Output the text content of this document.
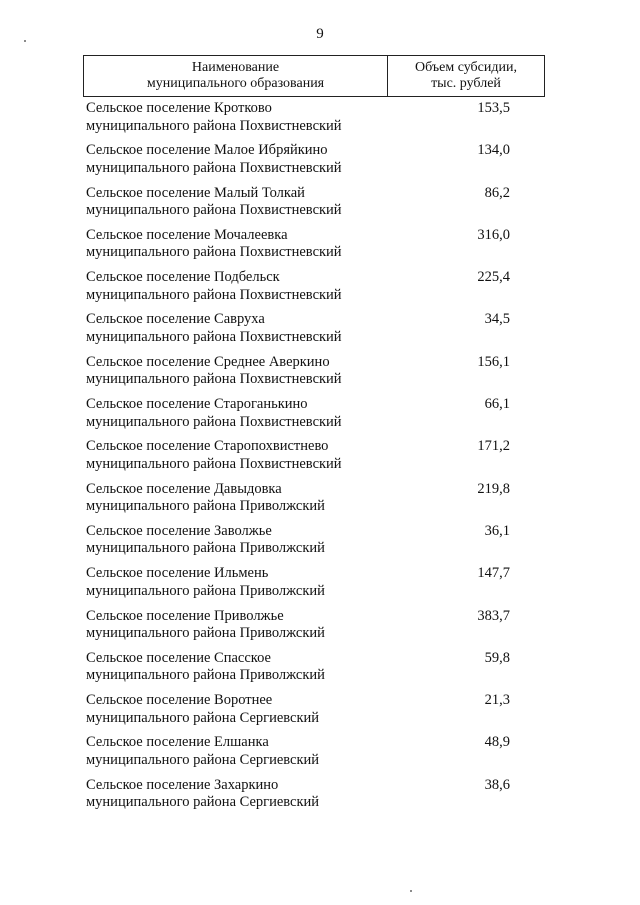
9
Наименование
муниципального образования
Объем субсидии,
тыс. рублей
Сельское поселение Кротково
муниципального района Похвистневский
153,5
Сельское поселение Малое Ибряйкино
муниципального района Похвистневский
134,0
Сельское поселение Малый Толкай
муниципального района Похвистневский
86,2
Сельское поселение Мочалеевка
муниципального района Похвистневский
316,0
Сельское поселение Подбельск
муниципального района Похвистневский
225,4
Сельское поселение Савруха
муниципального района Похвистневский
34,5
Сельское поселение Среднее Аверкино
муниципального района Похвистневский
156,1
Сельское поселение Староганькино
муниципального района Похвистневский
66,1
Сельское поселение Старопохвистнево
муниципального района Похвистневский
171,2
Сельское поселение Давыдовка
муниципального района Приволжский
219,8
Сельское поселение Заволжье
муниципального района Приволжский
36,1
Сельское поселение Ильмень
муниципального района Приволжский
147,7
Сельское поселение Приволжье
муниципального района Приволжский
383,7
Сельское поселение Спасское
муниципального района Приволжский
59,8
Сельское поселение Воротнее
муниципального района Сергиевский
21,3
Сельское поселение Елшанка
муниципального района Сергиевский
48,9
Сельское поселение Захаркино
муниципального района Сергиевский
38,6
